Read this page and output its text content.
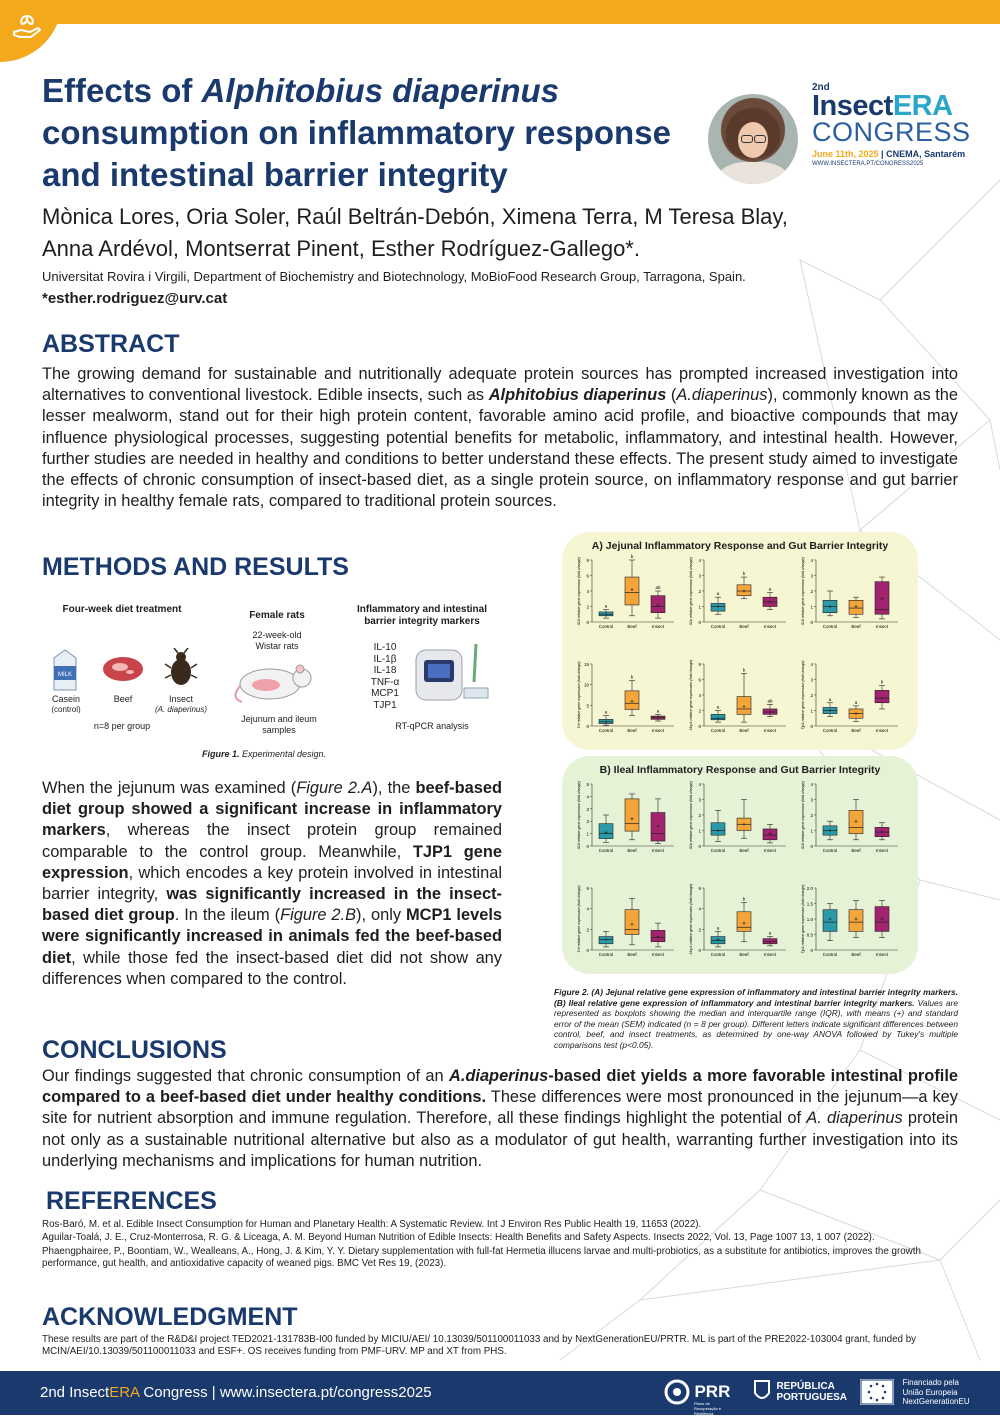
Effects of Alphitobius diaperinus
consumption on inflammatory response
and intestinal barrier integrity
2nd
InsectERA
CONGRESS
June 11th, 2025 | CNEMA, Santarém
WWW.INSECTERA.PT/CONGRESS2025
Mònica Lores, Oria Soler, Raúl Beltrán-Debón, Ximena Terra, M Teresa Blay,
Anna Ardévol, Montserrat Pinent, Esther Rodríguez-Gallego*.
Universitat Rovira i Virgili, Department of Biochemistry and Biotechnology, MoBioFood Research Group, Tarragona, Spain.
*esther.rodriguez@urv.cat
ABSTRACT
The growing demand for sustainable and nutritionally adequate protein sources has prompted increased investigation into alternatives to conventional livestock. Edible insects, such as Alphitobius diaperinus (A.diaperinus), commonly known as the lesser mealworm, stand out for their high protein content, favorable amino acid profile, and bioactive compounds that may influence physiological processes, suggesting potential benefits for metabolic, inflammatory, and intestinal health. However, further studies are needed in healthy and conditions to better understand these effects. The present study aimed to investigate the effects of chronic consumption of insect-based diet, as a single protein source, on inflammatory response and gut barrier integrity in healthy female rats, compared to traditional protein sources.
METHODS AND RESULTS
Four-week diet treatment
Female rats
Inflammatory and intestinal barrier integrity markers
MILK
Casein
(control)
Beef	Insect
(A. diaperinus)
n=8 per group
22-week-old Wistar rats
Jejunum and ileum samples
IL-10
IL-1β
IL-18
TNF-α
MCP1
TJP1
RT-qPCR analysis
Figure 1. Experimental design.
When the jejunum was examined (Figure 2.A), the beef-based diet group showed a significant increase in inflammatory markers, whereas the insect protein group remained comparable to the control group. Meanwhile, TJP1 gene expression, which encodes a key protein involved in intestinal barrier integrity, was significantly increased in the insect-based diet group. In the ileum (Figure 2.B), only MCP1 levels were significantly increased in animals fed the beef-based diet, while those fed the insect-based diet did not show any differences when compared to the control.
A) Jejunal Inflammatory Response and Gut Barrier Integrity
0
2
4
6
8
Il10 relative gene expression (fold change)	a
Control
b
Beef
ab
Insect
0
1
2
3
4
Il1b relative gene expression (fold change)	a
Control
b
Beef
a
Insect
0
1
2
3
4
Il18 relative gene expression (fold change)
Control	Beef	Insect
0
5
10
15
Tnf relative gene expression (fold change)	a
Control
b
Beef
a
Insect
0
2
4
6
8
Mcp1 relative gene expression (fold change)	a
Control
b
Beef
ab
Insect
0
1
2
3
4
Tjp1 relative gene expression (fold change)	a
Control
a
Beef
b
Insect
B) Ileal Inflammatory Response and Gut Barrier Integrity
0
1
2
3
4
5
Il10 relative gene expression (fold change)
Control	Beef	Insect
0
1
2
3
4
Il1b relative gene expression (fold change)
Control	Beef	Insect
0
1
2
3
4
Il18 relative gene expression (fold change)
Control	Beef	Insect
0
2
4
6
Tnf relative gene expression (fold change)
Control	Beef	Insect
0
2
4
6
Mcp1 relative gene expression (fold change)	a
Control
b
Beef
a
Insect
0
0.5
1.0
1.5
2.0
Tjp1 relative gene expression (fold change)
Control	Beef	Insect
Figure 2. (A) Jejunal relative gene expression of inflammatory and intestinal barrier integrity markers. (B) Ileal relative gene expression of inflammatory and intestinal barrier integrity markers. Values are represented as boxplots showing the median and interquartile range (IQR), with means (+) and standard error of the mean (SEM) indicated (n = 8 per group). Different letters indicate significant differences between control, beef, and insect treatments, as determined by one-way ANOVA followed by Tukey's multiple comparisons test (p<0.05).
CONCLUSIONS
Our findings suggested that chronic consumption of an A.diaperinus-based diet yields a more favorable intestinal profile compared to a beef-based diet under healthy conditions. These differences were most pronounced in the jejunum—a key site for nutrient absorption and immune regulation. Therefore, all these findings highlight the potential of A. diaperinus protein not only as a sustainable nutritional alternative but also as a modulator of gut health, warranting further investigation into its underlying mechanisms and implications for human nutrition.
REFERENCES

Ros-Baró, M. et al. Edible Insect Consumption for Human and Planetary Health: A Systematic Review. Int J Environ Res Public Health 19, 11653 (2022).

Aguilar-Toalá, J. E., Cruz-Monterrosa, R. G. & Liceaga, A. M. Beyond Human Nutrition of Edible Insects: Health Benefits and Safety Aspects. Insects 2022, Vol. 13, Page 1007 13, 1 007 (2022).

Phaengphairee, P., Boontiam, W., Wealleans, A., Hong, J. & Kim, Y. Y. Dietary supplementation with full-fat Hermetia illucens larvae and multi-probiotics, as a substitute for antibiotics, improves the growth performance, gut health, and antioxidative capacity of weaned pigs. BMC Vet Res 19, (2023).

ACKNOWLEDGMENT
These results are part of the R&D&I project TED2021-131783B-I00 funded by MICIU/AEI/ 10.13039/501100011033 and by NextGenerationEU/PRTR. ML is part of the PRE2022-103004 grant, funded by MCIN/AEI/10.13039/501100011033 and ESF+. OS receives funding from PMF-URV. MP and XT from PHS.
2nd InsectERA Congress | www.insectera.pt/congress2025	PRR
Plano de Recuperação e Resiliência
REPÚBLICA
PORTUGUESA
Financiado pela
União Europeia
NextGenerationEU
